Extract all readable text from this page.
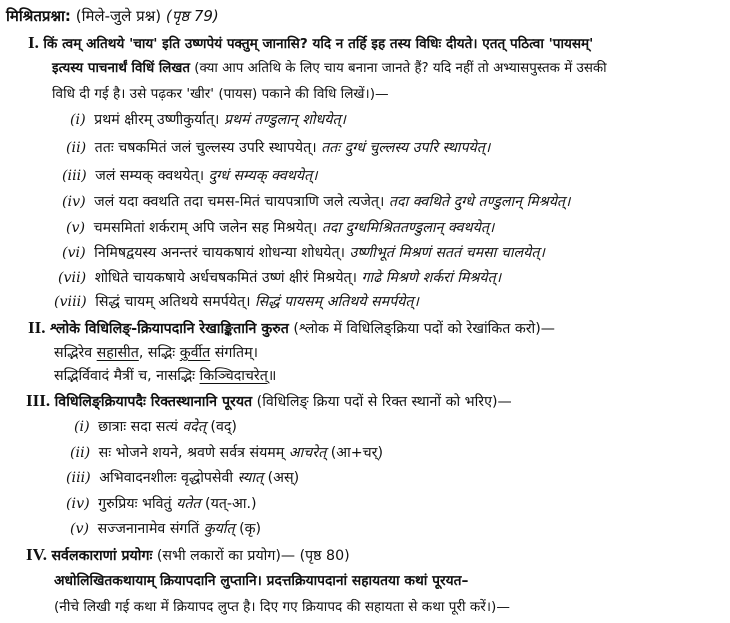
मिश्रितप्रश्ना: (मिले-जुले प्रश्न) (पृष्ठ 79)
I. किं त्वम् अतिथये 'चाय' इति उष्णपेयं पक्तुम् जानासि? यदि न तर्हि इह तस्य विधिः दीयते। एतत् पठित्वा 'पायसम्'
इत्यस्य पाचनार्थं विधिं लिखत (क्या आप अतिथि के लिए चाय बनाना जानते हैं? यदि नहीं तो अभ्यासपुस्तक में उसकी
विधि दी गई है। उसे पढ़कर 'खीर' (पायस) पकाने की विधि लिखें।)—
(i) प्रथमं क्षीरम् उष्णीकुर्यात्। प्रथमं तण्डुलान् शोधयेत्।
(ii) ततः चषकमितं जलं चुल्लस्य उपरि स्थापयेत्। ततः दुग्धं चुल्लस्य उपरि स्थापयेत्।
(iii) जलं सम्यक् क्वथयेत्। दुग्धं सम्यक् क्वथयेत्।
(iv) जलं यदा क्वथति तदा चमस-मितं चायपत्राणि जले त्यजेत्। तदा क्वथिते दुग्धे तण्डुलान् मिश्रयेत्।
(v) चमसमितां शर्कराम् अपि जलेन सह मिश्रयेत्। तदा दुग्धमिश्रिततण्डुलान् क्वथयेत्।
(vi) निमिषद्वयस्य अनन्तरं चायकषायं शोधन्या शोधयेत्। उष्णीभूतं मिश्रणं सततं चमसा चालयेत्।
(vii) शोधिते चायकषाये अर्धचषकमितं उष्णं क्षीरं मिश्रयेत्। गाढे मिश्रणे शर्करां मिश्रयेत्।
(viii) सिद्धं चायम् अतिथये समर्पयेत्। सिद्धं पायसम् अतिथये समर्पयेत्।
II. श्लोके विधिलिङ्-क्रियापदानि रेखाङ्कितानि कुरुत (श्लोक में विधिलिङ्क्रिया पदों को रेखांकित करो)—
सद्भिरेव सहासीत, सद्भिः कुर्वीत संगतिम्।
सद्भिर्विवादं मैत्रीं च, नासद्भिः किञ्चिदाचरेत्॥
III. विधिलिङ्क्रियापदैः रिक्तस्थानानि पूरयत (विधिलिङ् क्रिया पदों से रिक्त स्थानों को भरिए)—
(i) छात्राः सदा सत्यं वदेत् (वद्)
(ii) सः भोजने शयने, श्रवणे सर्वत्र संयमम् आचरेत् (आ+चर्)
(iii) अभिवादनशीलः वृद्धोपसेवी स्यात् (अस्)
(iv) गुरुप्रियः भवितुं यतेत (यत्-आ.)
(v) सज्जनानामेव संगतिं कुर्यात् (कृ)
IV. सर्वलकाराणां प्रयोगः (सभी लकारों का प्रयोग)— (पृष्ठ 80)
अधोलिखितकथायाम् क्रियापदानि लुप्तानि। प्रदत्तक्रियापदानां सहायतया कथां पूरयत–
(नीचे लिखी गई कथा में क्रियापद लुप्त है। दिए गए क्रियापद की सहायता से कथा पूरी करें।)—
